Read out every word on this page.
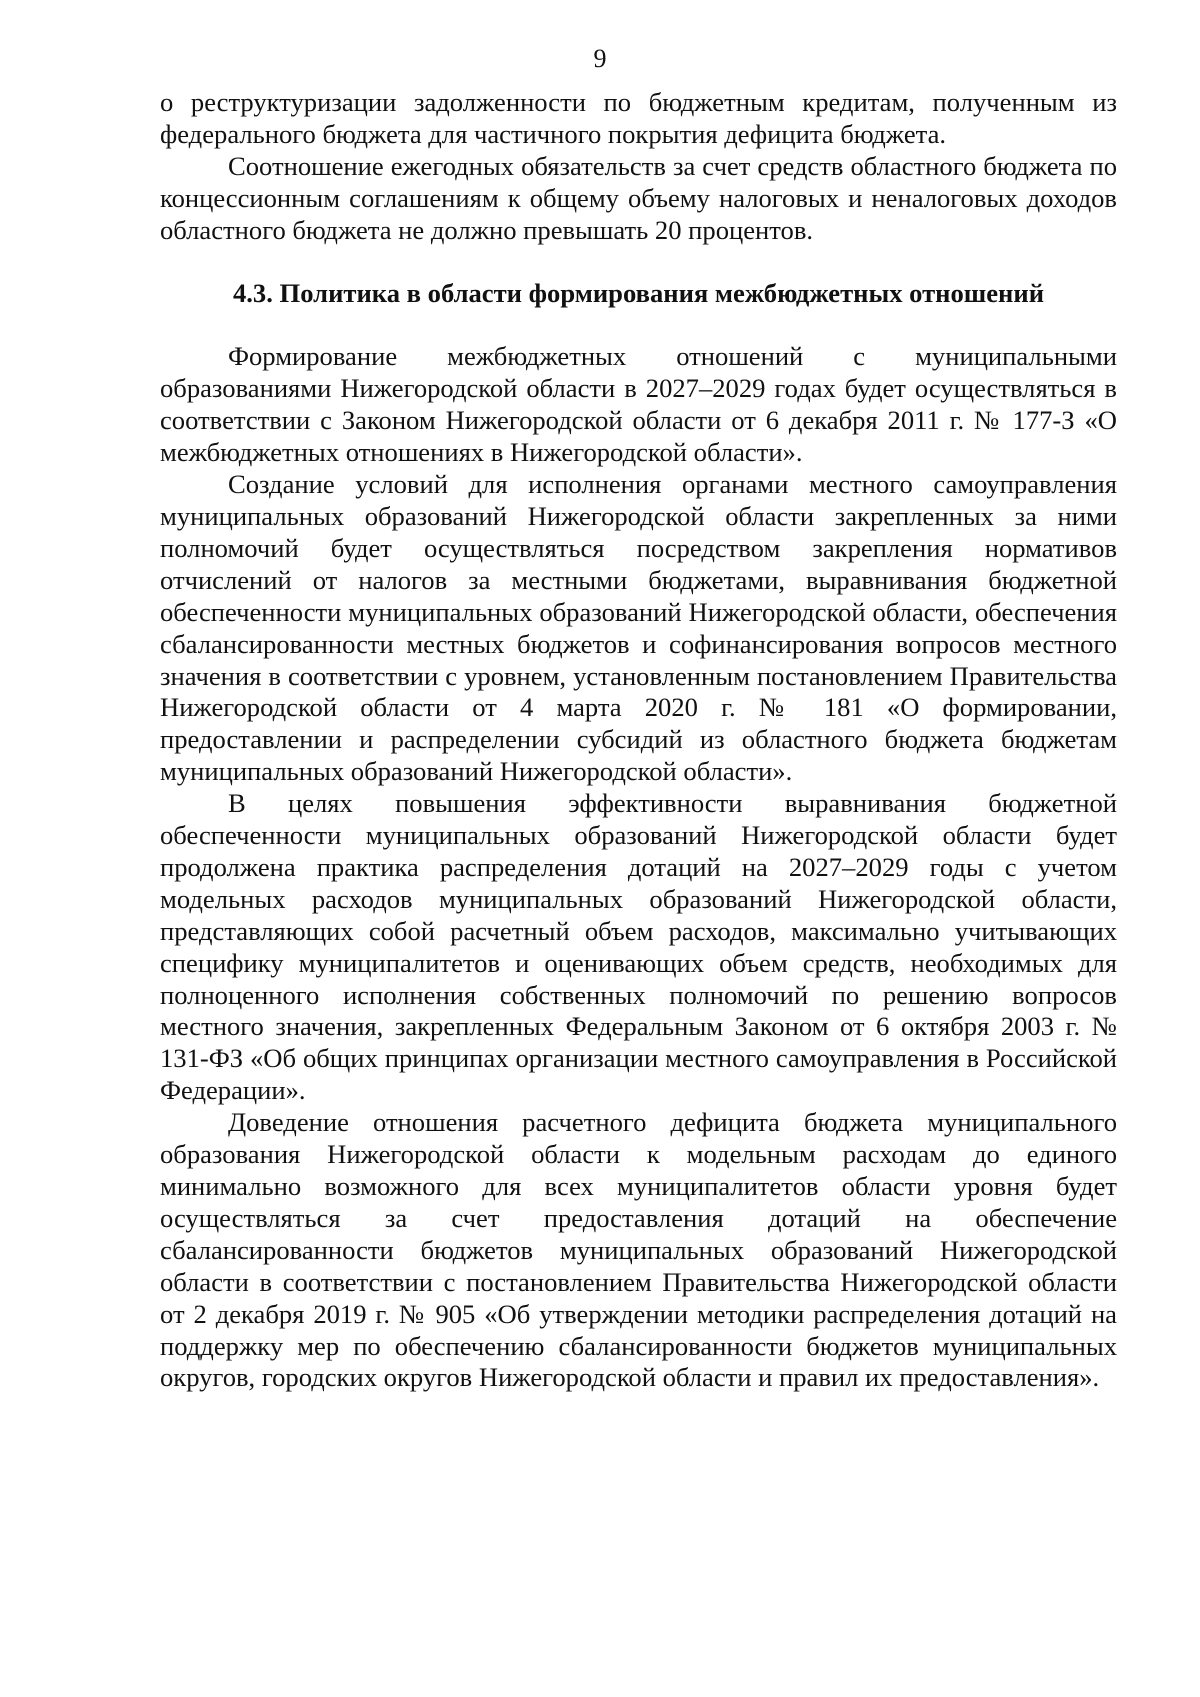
9

о реструктуризации задолженности по бюджетным кредитам, полученным из федерального бюджета для частичного покрытия дефицита бюджета.

Соотношение ежегодных обязательств за счет средств областного бюджета по концессионным соглашениям к общему объему налоговых и неналоговых доходов областного бюджета не должно превышать 20 процентов.

4.3. Политика в области формирования межбюджетных отношений

Формирование межбюджетных отношений с муниципальными образованиями Нижегородской области в 2027–2029 годах будет осуществляться в соответствии с Законом Нижегородской области от 6 декабря 2011 г. № 177-З «О межбюджетных отношениях в Нижегородской области».

Создание условий для исполнения органами местного самоуправления муниципальных образований Нижегородской области закрепленных за ними полномочий будет осуществляться посредством закрепления нормативов отчислений от налогов за местными бюджетами, выравнивания бюджетной обеспеченности муниципальных образований Нижегородской области, обеспечения сбалансированности местных бюджетов и софинансирования вопросов местного значения в соответствии с уровнем, установленным постановлением Правительства Нижегородской области от 4 марта 2020 г. № 181 «О формировании, предоставлении и распределении субсидий из областного бюджета бюджетам муниципальных образований Нижегородской области».

В целях повышения эффективности выравнивания бюджетной обеспеченности муниципальных образований Нижегородской области будет продолжена практика распределения дотаций на 2027–2029 годы с учетом модельных расходов муниципальных образований Нижегородской области, представляющих собой расчетный объем расходов, максимально учитывающих специфику муниципалитетов и оценивающих объем средств, необходимых для полноценного исполнения собственных полномочий по решению вопросов местного значения, закрепленных Федеральным Законом от 6 октября 2003 г. № 131-ФЗ «Об общих принципах организации местного самоуправления в Российской Федерации».

Доведение отношения расчетного дефицита бюджета муниципального образования Нижегородской области к модельным расходам до единого минимально возможного для всех муниципалитетов области уровня будет осуществляться за счет предоставления дотаций на обеспечение сбалансированности бюджетов муниципальных образований Нижегородской области в соответствии с постановлением Правительства Нижегородской области от 2 декабря 2019 г. № 905 «Об утверждении методики распределения дотаций на поддержку мер по обеспечению сбалансированности бюджетов муниципальных округов, городских округов Нижегородской области и правил их предоставления».
